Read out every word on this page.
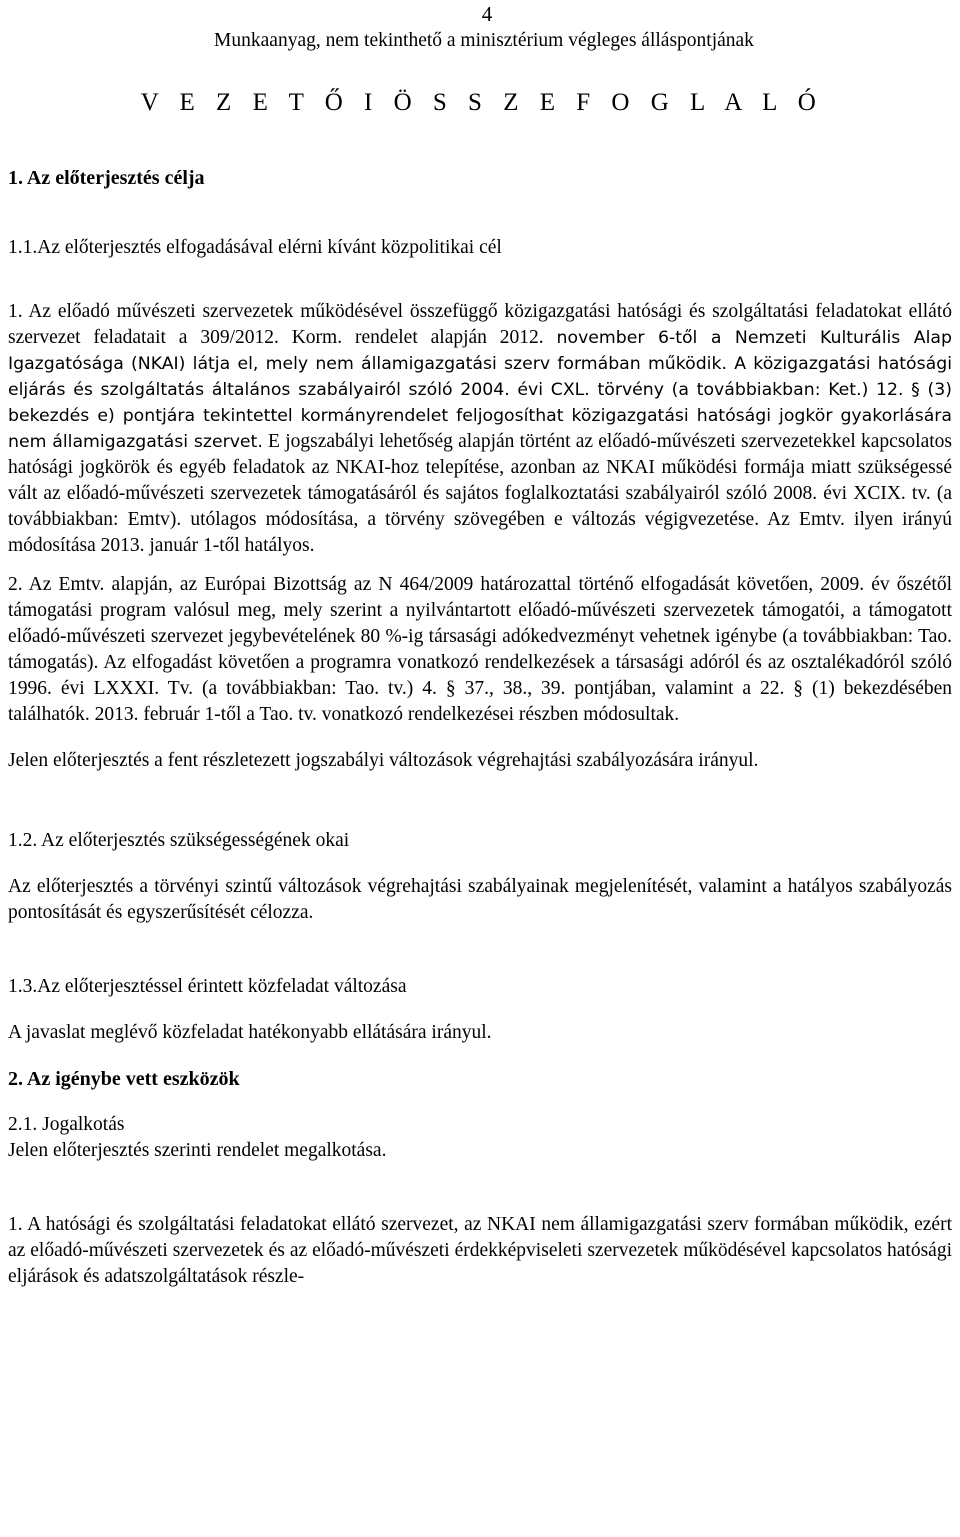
4
Munkaanyag, nem tekinthető a minisztérium végleges álláspontjának
V E Z E T Ő I Ö S S Z E F O G L A L Ó
1. Az előterjesztés célja
1.1.Az előterjesztés elfogadásával elérni kívánt közpolitikai cél

1. Az előadó művészeti szervezetek működésével összefüggő közigazgatási hatósági és szolgáltatási feladatokat ellátó szervezet feladatait a 309/2012. Korm. rendelet alapján 2012. november 6-től a Nemzeti Kulturális Alap Igazgatósága (NKAI) látja el, mely nem államigazgatási szerv formában működik. A közigazgatási hatósági eljárás és szolgáltatás általános szabályairól szóló 2004. évi CXL. törvény (a továbbiakban: Ket.) 12. § (3) bekezdés e) pontjára tekintettel kormányrendelet feljogosíthat közigazgatási hatósági jogkör gyakorlására nem államigazgatási szervet. E jogszabályi lehetőség alapján történt az előadó-művészeti szervezetekkel kapcsolatos hatósági jogkörök és egyéb feladatok az NKAI-hoz telepítése, azonban az NKAI működési formája miatt szükségessé vált az előadó-művészeti szervezetek támogatásáról és sajátos foglalkoztatási szabályairól szóló 2008. évi XCIX. tv. (a továbbiakban: Emtv). utólagos módosítása, a törvény szövegében e változás végigvezetése. Az Emtv. ilyen irányú módosítása 2013. január 1-től hatályos.

2. Az Emtv. alapján, az Európai Bizottság az N 464/2009 határozattal történő elfogadását követően, 2009. év őszétől támogatási program valósul meg, mely szerint a nyilvántartott előadó-művészeti szervezetek támogatói, a támogatott előadó-művészeti szervezet jegybevételének 80 %-ig társasági adókedvezményt vehetnek igénybe (a továbbiakban: Tao. támogatás). Az elfogadást követően a programra vonatkozó rendelkezések a társasági adóról és az osztalékadóról szóló 1996. évi LXXXI. Tv. (a továbbiakban: Tao. tv.) 4. § 37., 38., 39. pontjában, valamint a 22. § (1) bekezdésében találhatók. 2013. február 1-től a Tao. tv. vonatkozó rendelkezései részben módosultak.

Jelen előterjesztés a fent részletezett jogszabályi változások végrehajtási szabályozására irányul.

1.2. Az előterjesztés szükségességének okai

Az előterjesztés a törvényi szintű változások végrehajtási szabályainak megjelenítését, valamint a hatályos szabályozás pontosítását és egyszerűsítését célozza.

1.3.Az előterjesztéssel érintett közfeladat változása

A javaslat meglévő közfeladat hatékonyabb ellátására irányul.

2. Az igénybe vett eszközök
2.1. Jogalkotás

Jelen előterjesztés szerinti rendelet megalkotása.

1. A hatósági és szolgáltatási feladatokat ellátó szervezet, az NKAI nem államigazgatási szerv formában működik, ezért az előadó-művészeti szervezetek és az előadó-művészeti érdekképviseleti szervezetek működésével kapcsolatos hatósági eljárások és adatszolgáltatások részle-
